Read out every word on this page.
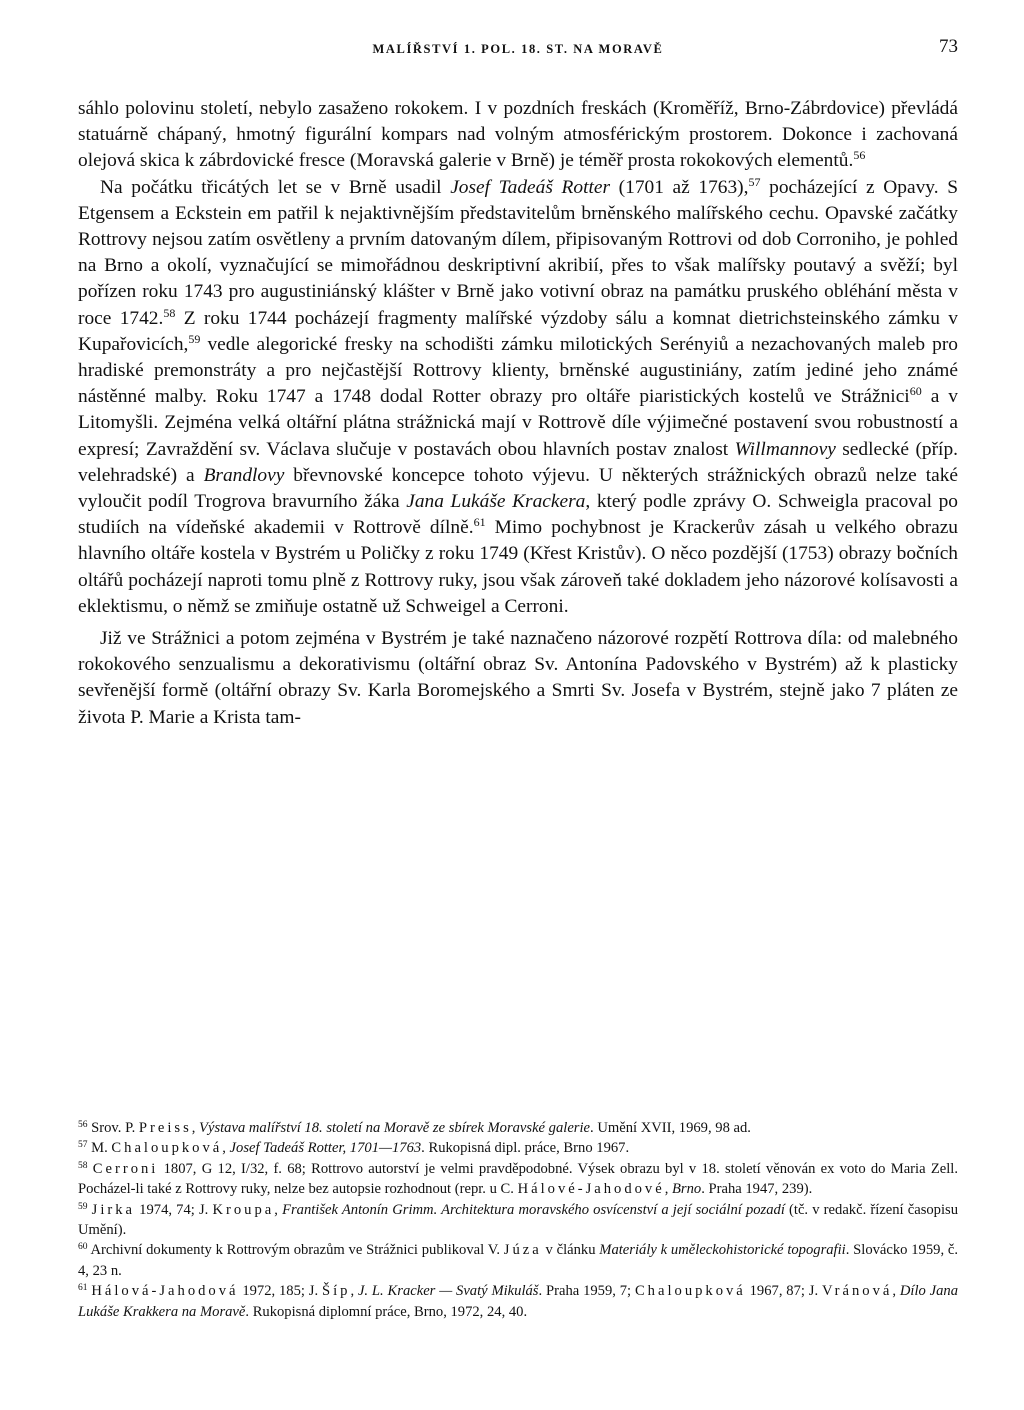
MALÍŘSTVÍ 1. POL. 18. ST. NA MORAVĚ	73

sáhlo polovinu století, nebylo zasaženo rokokem. I v pozdních freskách (Kroměříž, Brno-Zábrdovice) převládá statuárně chápaný, hmotný figurální kompars nad volným atmosférickým prostorem. Dokonce i zachovaná olejová skica k zábrdovické fresce (Moravská galerie v Brně) je téměř prosta rokokových elementů.$^{56}$

Na počátku třicátých let se v Brně usadil Josef Tadeáš Rotter (1701 až 1763),$^{57}$ pocházející z Opavy. S Etgensem a Eckstein em patřil k nejaktivnějším představitelům brněnského malířského cechu. Opavské začátky Rottrovy nejsou zatím osvětleny a prvním datovaným dílem, připisovaným Rottrovi od dob Corroniho, je pohled na Brno a okolí, vyznačující se mimořádnou deskriptivní akribií, přes to však malířsky poutavý a svěží; byl pořízen roku 1743 pro augustiniánský klášter v Brně jako votivní obraz na památku pruského obléhání města v roce 1742.58 Z roku 1744 pocházejí fragmenty malířské výzdoby sálu a komnat dietrichsteinského zámku v Kupařovicích,$^{59}$ vedle alegorické fresky na schodišti zámku milotických Serényiů a nezachovaných maleb pro hradiské premonstráty a pro nejčastější Rottrovy klienty, brněnské augustiniány, zatím jediné jeho známé nástěnné malby. Roku 1747 a 1748 dodal Rotter obrazy pro oltáře piaristických kostelů ve Strážnici$^{60}$ a v Litomyšli. Zejména velká oltářní plátna strážnická mají v Rottrově díle výjimečné postavení svou robustností a expresí; Zavraždění sv. Václava slučuje v postavách obou hlavních postav znalost Willmannovy sedlecké (příp. velehradské) a Brandlovy břevnovské koncepce tohoto výjevu. U některých strážnických obrazů nelze také vyloučit podíl Trogrova bravurního žáka Jana Lukáše Krackera, který podle zprávy O. Schweigla pracoval po studiích na vídeňské akademii v Rottrově dílně.$^{61}$ Mimo pochybnost je Krackerův zásah u velkého obrazu hlavního oltáře kostela v Bystrém u Poličky z roku 1749 (Křest Kristův). O něco pozdější (1753) obrazy bočních oltářů pocházejí naproti tomu plně z Rottrovy ruky, jsou však zároveň také dokladem jeho názorové kolísavosti a eklektismu, o němž se zmiňuje ostatně už Schweigel a Cerroni.

Již ve Strážnici a potom zejména v Bystrém je také naznačeno názorové rozpětí Rottrova díla: od malebného rokokového senzualismu a dekorativismu (oltářní obraz Sv. Antonína Padovského v Bystrém) až k plasticky sevřenější formě (oltářní obrazy Sv. Karla Boromejského a Smrti Sv. Josefa v Bystrém, stejně jako 7 pláten ze života P. Marie a Krista tam-

$^{56}$ Srov. P. Preiss, Výstava malířství 18. století na Moravě ze sbírek Moravské galerie. Umění XVII, 1969, 98 ad.

$^{57}$ M. Chaloupková, Josef Tadeáš Rotter, 1701—1763. Rukopisná dipl. práce, Brno 1967.

$^{58}$ Cerroni 1807, G 12, I/32, f. 68; Rottrovo autorství je velmi pravděpodobné. Výsek obrazu byl v 18. století věnován ex voto do Maria Zell. Pocházel-li také z Rottrovy ruky, nelze bez autopsie rozhodnout (repr. u C. Hálové-Jahodové, Brno. Praha 1947, 239).

$^{59}$ Jirka 1974, 74; J. Kroupa, František Antonín Grimm. Architektura moravského osvícenství a její sociální pozadí (tč. v redakč. řízení časopisu Umění).

$^{60}$ Archivní dokumenty k Rottrovým obrazům ve Strážnici publikoval V. Júza v článku Materiály k uměleckohistorické topografii. Slovácko 1959, č. 4, 23 n.

$^{61}$ Hálová-Jahodová 1972, 185; J. Šíp, J. L. Kracker — Svatý Mikuláš. Praha 1959, 7; Chaloupková 1967, 87; J. Vránová, Dílo Jana Lukáše Krakkera na Moravě. Rukopisná diplomní práce, Brno, 1972, 24, 40.
